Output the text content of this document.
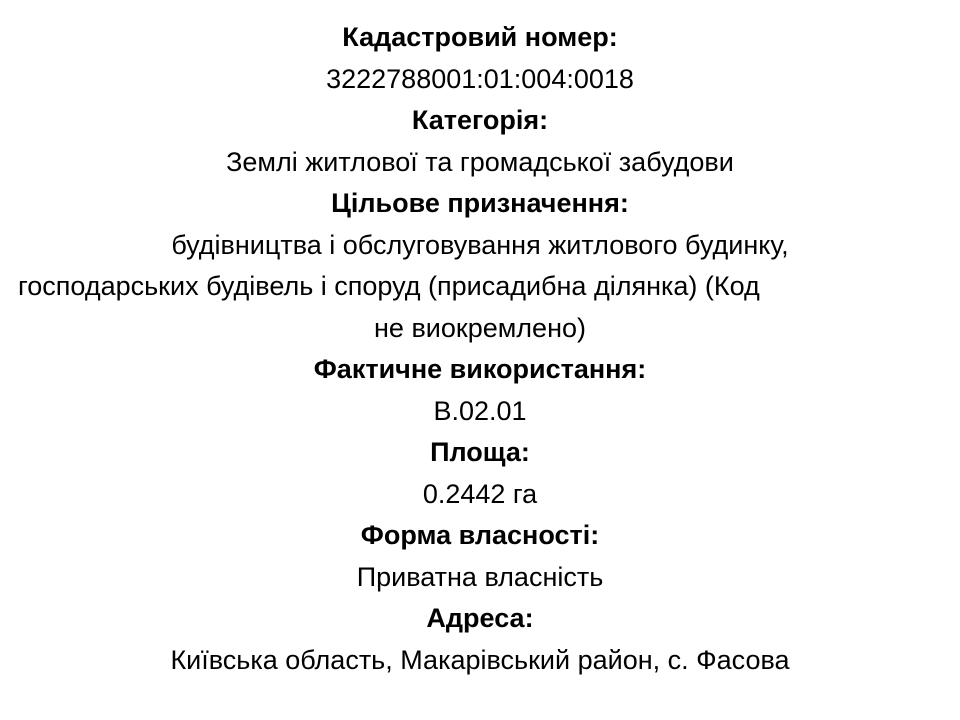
Кадастровий номер:
3222788001:01:004:0018
Категорія:
Землі житлової та громадської забудови
Цільове призначення:
будівництва і обслуговування житлового будинку,
господарських будівель і споруд (присадибна ділянка) (Код
не виокремлено)
Фактичне використання:
В.02.01
Площа:
0.2442 га
Форма власності:
Приватна власність
Адреса:
Київська область, Макарівський район, с. Фасова
